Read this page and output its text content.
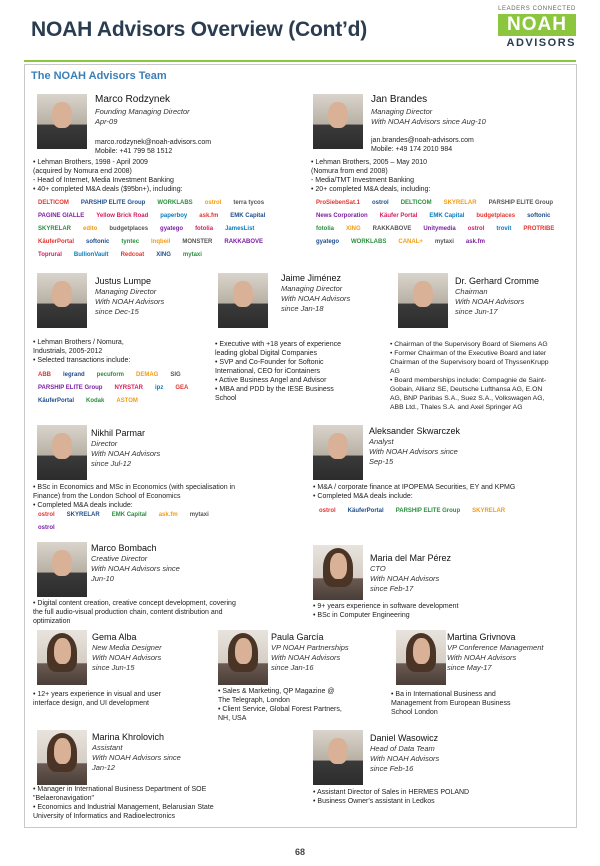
NOAH Advisors Overview (Cont’d)
LEADERS CONNECTED
NOAH
ADVISORS
The NOAH Advisors Team
Marco Rodzynek
Founding Managing Director
Apr-09
marco.rodzynek@noah-advisors.com
Mobile: +41 799 58 1512
• Lehman Brothers, 1998 - April 2009
(acquired by Nomura end 2008)
- Head of Internet, Media Investment Banking
• 40+ completed M&A deals ($95bn+), including:
DELTICOM	PARSHIP ELITE Group	WORKLABS	ostrol	terra tycos
PAGINE GIALLE	Yellow Brick Road	paperboy	ask.fm	EMK Capital
SKYRELAR	edito	budgetplaces	gyatego	fotolia	JamesList
KäuferPortal	softonic	tyntec	Inqbeil	MONSTER	RAKKABOVE
Toprural	BullionVault	Redcoat	XING	mytaxi
Jan Brandes
Managing Director
With NOAH Advisors since Aug-10
jan.brandes@noah-advisors.com
Mobile: +49 174 2010 984
• Lehman Brothers, 2005 – May 2010
(Nomura from end 2008)
- Media/TMT Investment Banking
• 20+ completed M&A deals, including:
ProSiebenSat.1	ostrol	DELTICOM	SKYRELAR	PARSHIP ELITE Group
News Corporation	Käufer Portal	EMK Capital	budgetplaces	softonic
fotolia	XING	RAKKABOVE	Unitymedia	ostrol	trovit	PROTRIBE
gyatego	WORKLABS	CANAL+	mytaxi	ask.fm
Justus Lumpe
Managing Director
With NOAH Advisors
since Dec-15
• Lehman Brothers / Nomura,
Industrials, 2005-2012
• Selected transactions include:
ABB	legrand	pecuform	DEMAG	SIG
PARSHIP ELITE Group	NYRSTAR	ipz	GEA
KäuferPortal	Kodak	ASTOM
Jaime Jiménez
Managing Director
With NOAH Advisors
since Jan-18
• Executive with +18 years of experience
leading global Digital Companies
• SVP and Co-Founder for Softonic
International, CEO for iContainers
• Active Business Angel and Advisor
• MBA and PDD by the IESE Business
School
Dr. Gerhard Cromme
Chairman
With NOAH Advisors
since Jun-17
• Chairman of the Supervisory Board of Siemens AG
• Former Chairman of the Executive Board and later
Chairman of the Supervisory board of ThyssenKrupp
AG
• Board memberships include: Compagnie de Saint-
Gobain, Allianz SE, Deutsche Lufthansa AG, E.ON
AG, BNP Paribas S.A., Suez S.A., Volkswagen AG,
ABB Ltd., Thales S.A. and Axel Springer AG
Nikhil Parmar
Director
With NOAH Advisors
since Jul-12
• BSc in Economics and MSc in Economics (with specialisation in
Finance) from the London School of Economics
• Completed M&A deals include:
ostrol	SKYRELAR	EMK Capital	ask.fm	mytaxi
ostrol
Aleksander Skwarczek
Analyst
With NOAH Advisors since
Sep-15
• M&A / corporate finance at IPOPEMA Securities, EY and KPMG
• Completed M&A deals include:
ostrol	KäuferPortal	PARSHIP ELITE Group	SKYRELAR
Marco Bombach
Creative Director
With NOAH Advisors since
Jun-10
• Digital content creation, creative concept development, covering
the full audio-visual production chain, content distribution and
optimization
Maria del Mar Pérez
CTO
With NOAH Advisors
since Feb-17
• 9+ years experience in software development
• BSc in Computer Engineering
Gema Alba
New Media Designer
With NOAH Advisors
since Jun-15
• 12+ years experience in visual and user
interface design, and UI development
Paula García
VP NOAH Partnerships
With NOAH Advisors
since Jan-16
• Sales & Marketing, QP Magazine @
The Telegraph, London
• Client Service, Global Forest Partners,
NH, USA
Martina Grivnova
VP Conference Management
With NOAH Advisors
since May-17
• Ba in International Business and
Management from European Business
School London
Marina Khrolovich
Assistant
With NOAH Advisors since
Jan-12
• Manager in International Business Department of SOE
"Belaeronavigation"
• Economics and Industrial Management, Belarusian State
University of Informatics and Radioelectronics
Daniel Wasowicz
Head of Data Team
With NOAH Advisors
since Feb-16
• Assistant Director of Sales in HERMES POLAND
• Business Owner's assistant in Ledkos
68
